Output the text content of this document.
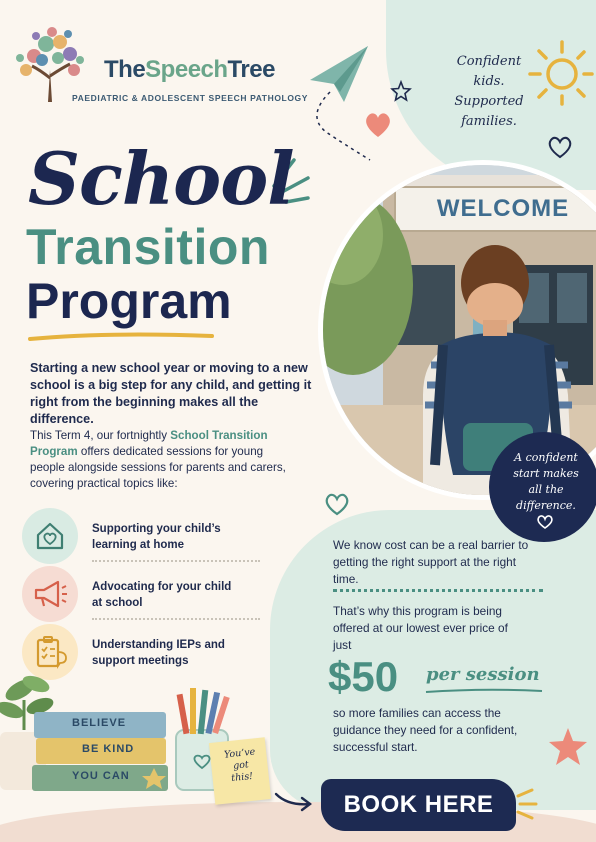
TheSpeechTree
PAEDIATRIC & ADOLESCENT SPEECH PATHOLOGY
Confident
kids.
Supported
families.
School
Transition
Program
Starting a new school year or moving to a new school is a big step for any child, and getting it right from the beginning makes all the difference.
This Term 4, our fortnightly School Transition Program offers dedicated sessions for young people alongside sessions for parents and carers, covering practical topics like:
Supporting your child’s learning at home
Advocating for your child at school
Understanding IEPs and support meetings
WELCOME
A confident
start makes
all the
difference.
We know cost can be a real barrier to getting the right support at the right time.
That’s why this program is being offered at our lowest ever price of just
$50 per session
so more families can access the guidance they need for a confident, successful start.
BELIEVE
BE KIND
YOU CAN
You’ve
got
this!
BOOK HERE
